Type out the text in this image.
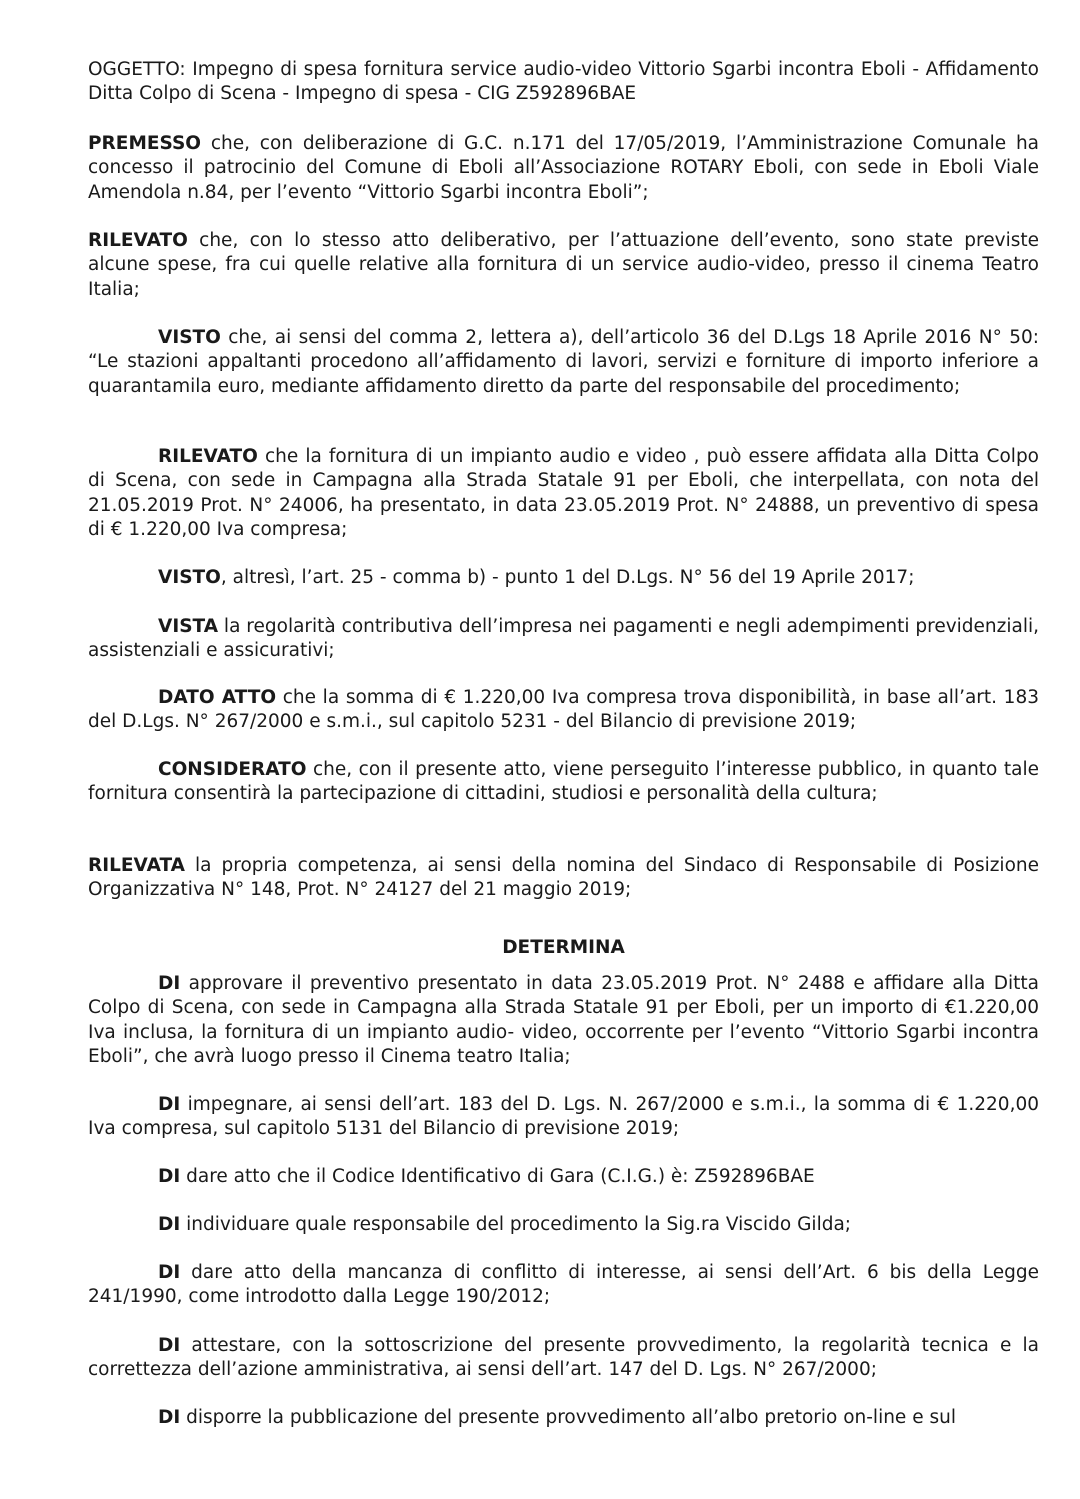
OGGETTO: Impegno di spesa fornitura service audio-video Vittorio Sgarbi incontra Eboli - Affidamento Ditta Colpo di Scena - Impegno di spesa - CIG Z592896BAE

PREMESSO che, con deliberazione di G.C. n.171 del 17/05/2019, l’Amministrazione Comunale ha concesso il patrocinio del Comune di Eboli all’Associazione ROTARY Eboli, con sede in Eboli Viale Amendola n.84, per l’evento “Vittorio Sgarbi incontra Eboli”;

RILEVATO che, con lo stesso atto deliberativo, per l’attuazione dell’evento, sono state previste alcune spese, fra cui quelle relative alla fornitura di un service audio-video, presso il cinema Teatro Italia;

VISTO che, ai sensi del comma 2, lettera a), dell’articolo 36 del D.Lgs 18 Aprile 2016 N° 50: “Le stazioni appaltanti procedono all’affidamento di lavori, servizi e forniture di importo inferiore a quarantamila euro, mediante affidamento diretto da parte del responsabile del procedimento;

RILEVATO che la fornitura di un impianto audio e video , può essere affidata alla Ditta Colpo di Scena, con sede in Campagna alla Strada Statale 91 per Eboli, che interpellata, con nota del 21.05.2019 Prot. N° 24006, ha presentato, in data 23.05.2019 Prot. N° 24888, un preventivo di spesa di € 1.220,00 Iva compresa;

VISTO, altresì, l’art. 25 - comma b) - punto 1 del D.Lgs. N° 56 del 19 Aprile 2017;

VISTA la regolarità contributiva dell’impresa nei pagamenti e negli adempimenti previdenziali, assistenziali e assicurativi;

DATO ATTO che la somma di € 1.220,00 Iva compresa trova disponibilità, in base all’art. 183 del D.Lgs. N° 267/2000 e s.m.i., sul capitolo 5231 - del Bilancio di previsione 2019;

CONSIDERATO che, con il presente atto, viene perseguito l’interesse pubblico, in quanto tale fornitura consentirà la partecipazione di cittadini, studiosi e personalità della cultura;

RILEVATA la propria competenza, ai sensi della nomina del Sindaco di Responsabile di Posizione Organizzativa N° 148, Prot. N° 24127 del 21 maggio 2019;

DETERMINA

DI approvare il preventivo presentato in data 23.05.2019 Prot. N° 2488 e affidare alla Ditta Colpo di Scena, con sede in Campagna alla Strada Statale 91 per Eboli, per un importo di €1.220,00 Iva inclusa, la fornitura di un impianto audio- video, occorrente per l’evento “Vittorio Sgarbi incontra Eboli”, che avrà luogo presso il Cinema teatro Italia;

DI impegnare, ai sensi dell’art. 183 del D. Lgs. N. 267/2000 e s.m.i., la somma di € 1.220,00 Iva compresa, sul capitolo 5131 del Bilancio di previsione 2019;

DI dare atto che il Codice Identificativo di Gara (C.I.G.) è: Z592896BAE

DI individuare quale responsabile del procedimento la Sig.ra Viscido Gilda;

DI dare atto della mancanza di conflitto di interesse, ai sensi dell’Art. 6 bis della Legge 241/1990, come introdotto dalla Legge 190/2012;

DI attestare, con la sottoscrizione del presente provvedimento, la regolarità tecnica e la correttezza dell’azione amministrativa, ai sensi dell’art. 147 del D. Lgs. N° 267/2000;

DI disporre la pubblicazione del presente provvedimento all’albo pretorio on-line e sul
